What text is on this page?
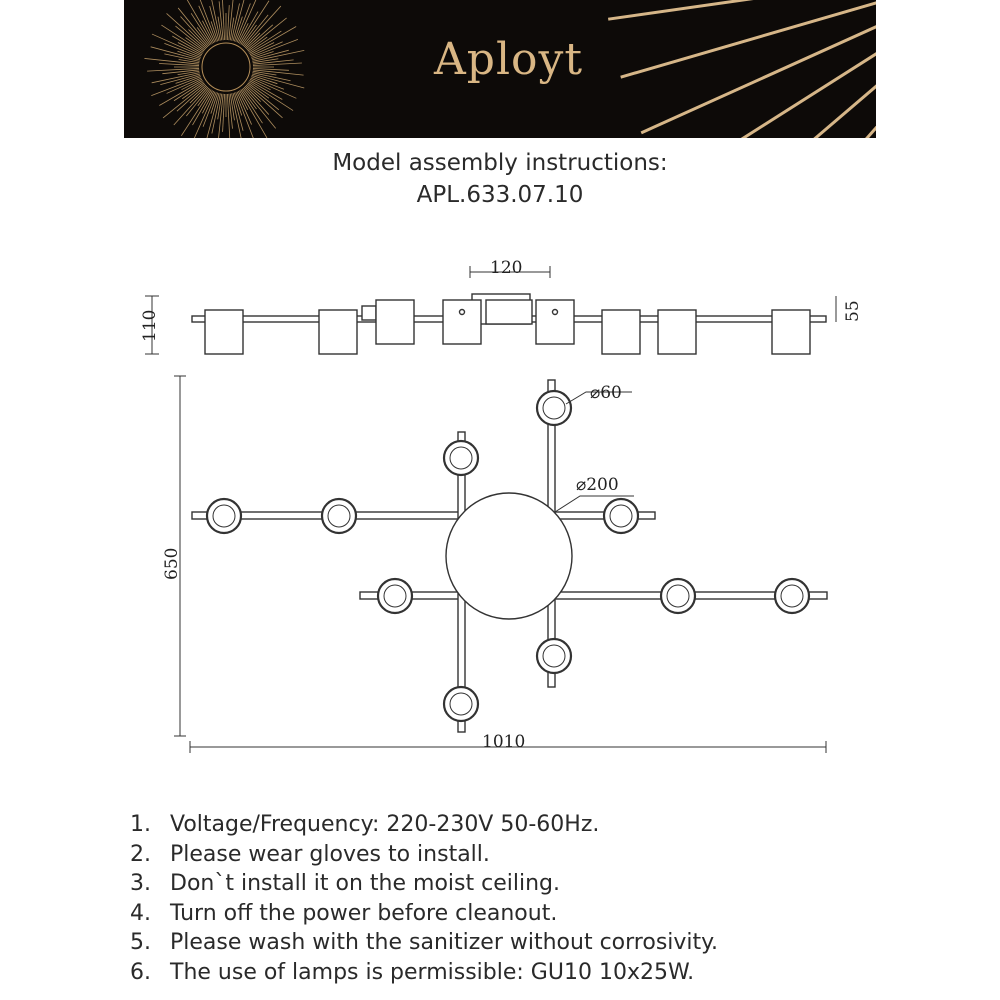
Aployt
Model assembly instructions:
APL.633.07.10
120
110	55
⌀60
⌀200
650
1010
1. Voltage/Frequency: 220-230V 50-60Hz.
2. Please wear gloves to install.
3. Don`t install it on the moist ceiling.
4. Turn off the power before cleanout.
5. Please wash with the sanitizer without corrosivity.
6. The use of lamps is permissible: GU10 10x25W.
